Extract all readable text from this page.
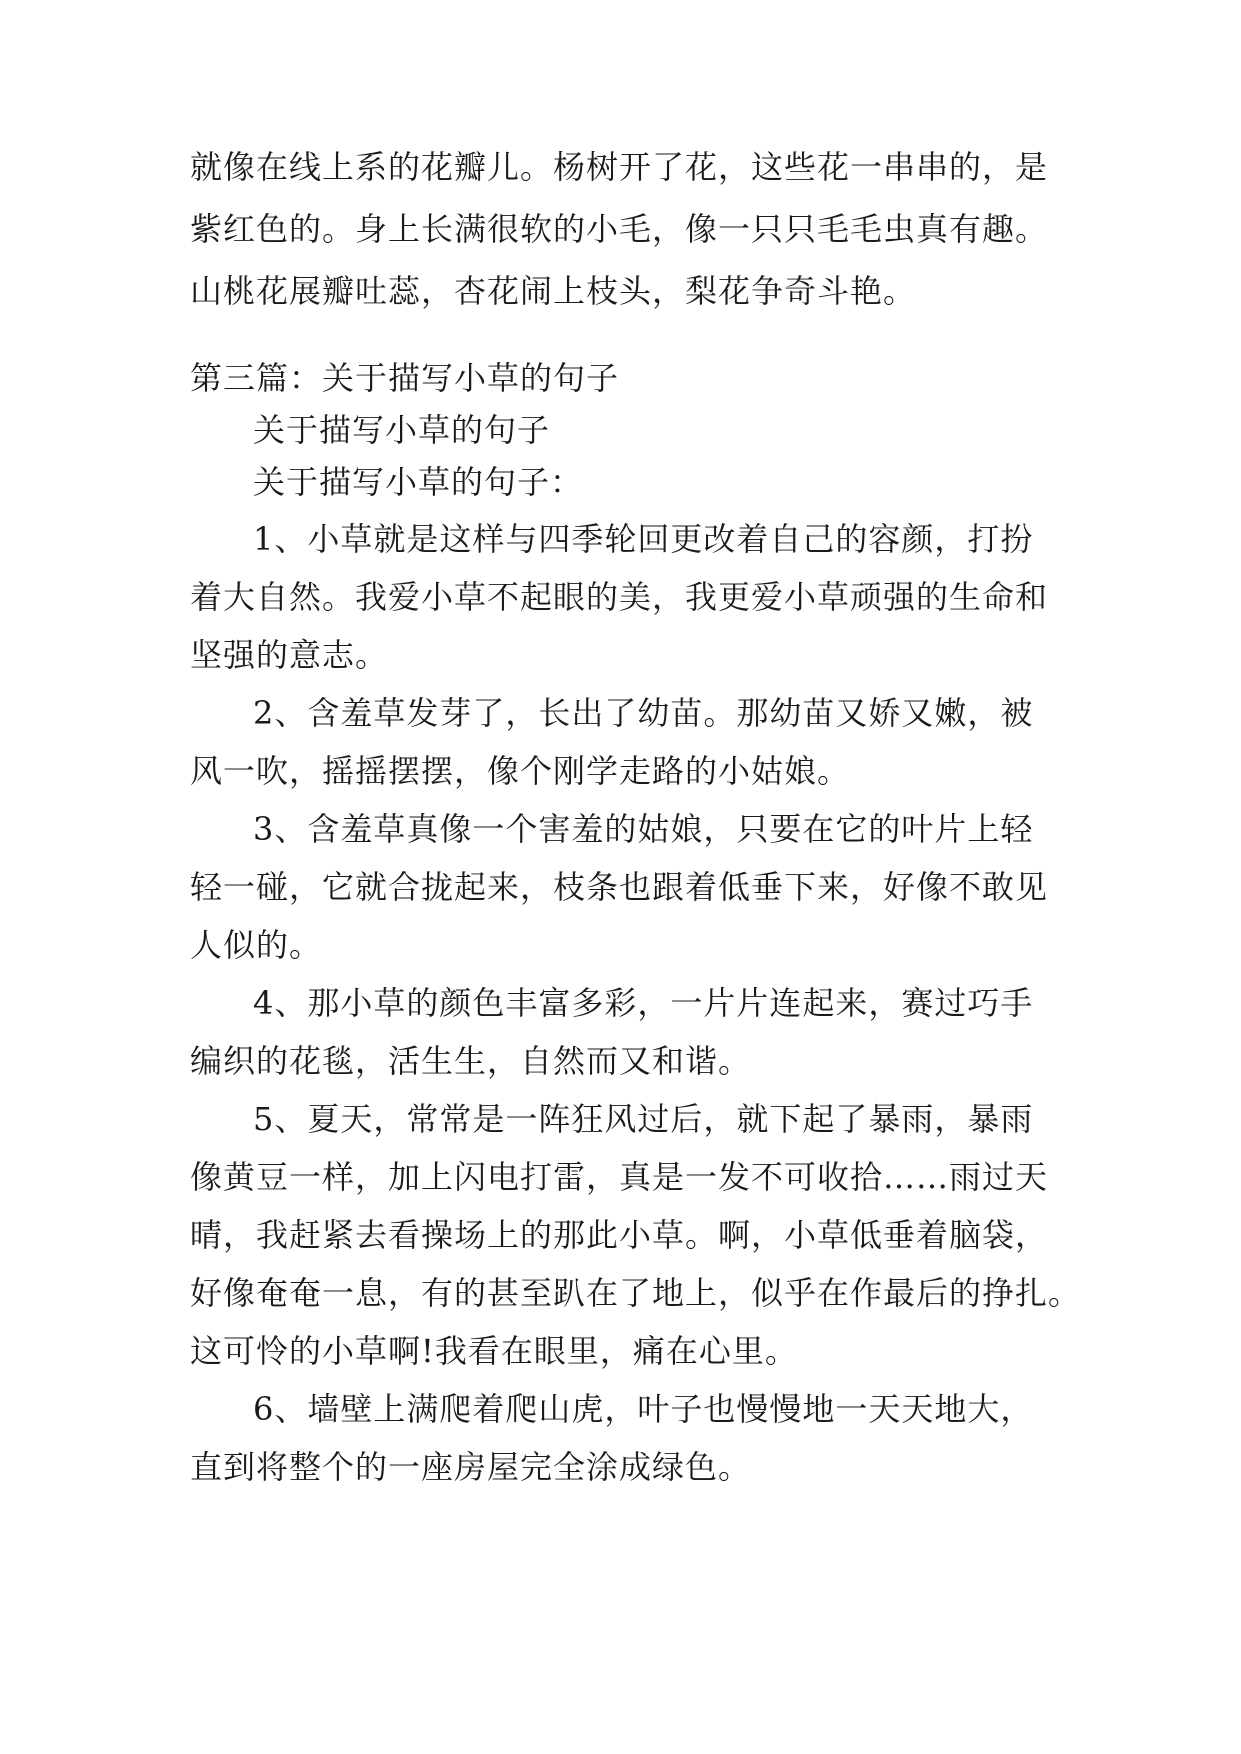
就像在线上系的花瓣儿。杨树开了花，这些花一串串的，是
紫红色的。身上长满很软的小毛，像一只只毛毛虫真有趣。
山桃花展瓣吐蕊，杏花闹上枝头，梨花争奇斗艳。
第三篇：关于描写小草的句子
关于描写小草的句子
关于描写小草的句子：
1、小草就是这样与四季轮回更改着自己的容颜，打扮
着大自然。我爱小草不起眼的美，我更爱小草顽强的生命和
坚强的意志。
2、含羞草发芽了，长出了幼苗。那幼苗又娇又嫩，被
风一吹，摇摇摆摆，像个刚学走路的小姑娘。
3、含羞草真像一个害羞的姑娘，只要在它的叶片上轻
轻一碰，它就合拢起来，枝条也跟着低垂下来，好像不敢见
人似的。
4、那小草的颜色丰富多彩，一片片连起来，赛过巧手
编织的花毯，活生生，自然而又和谐。
5、夏天，常常是一阵狂风过后，就下起了暴雨，暴雨
像黄豆一样，加上闪电打雷，真是一发不可收拾……雨过天
晴，我赶紧去看操场上的那此小草。啊，小草低垂着脑袋，
好像奄奄一息，有的甚至趴在了地上，似乎在作最后的挣扎。
这可怜的小草啊!我看在眼里，痛在心里。
6、墙壁上满爬着爬山虎，叶子也慢慢地一天天地大，
直到将整个的一座房屋完全涂成绿色。
